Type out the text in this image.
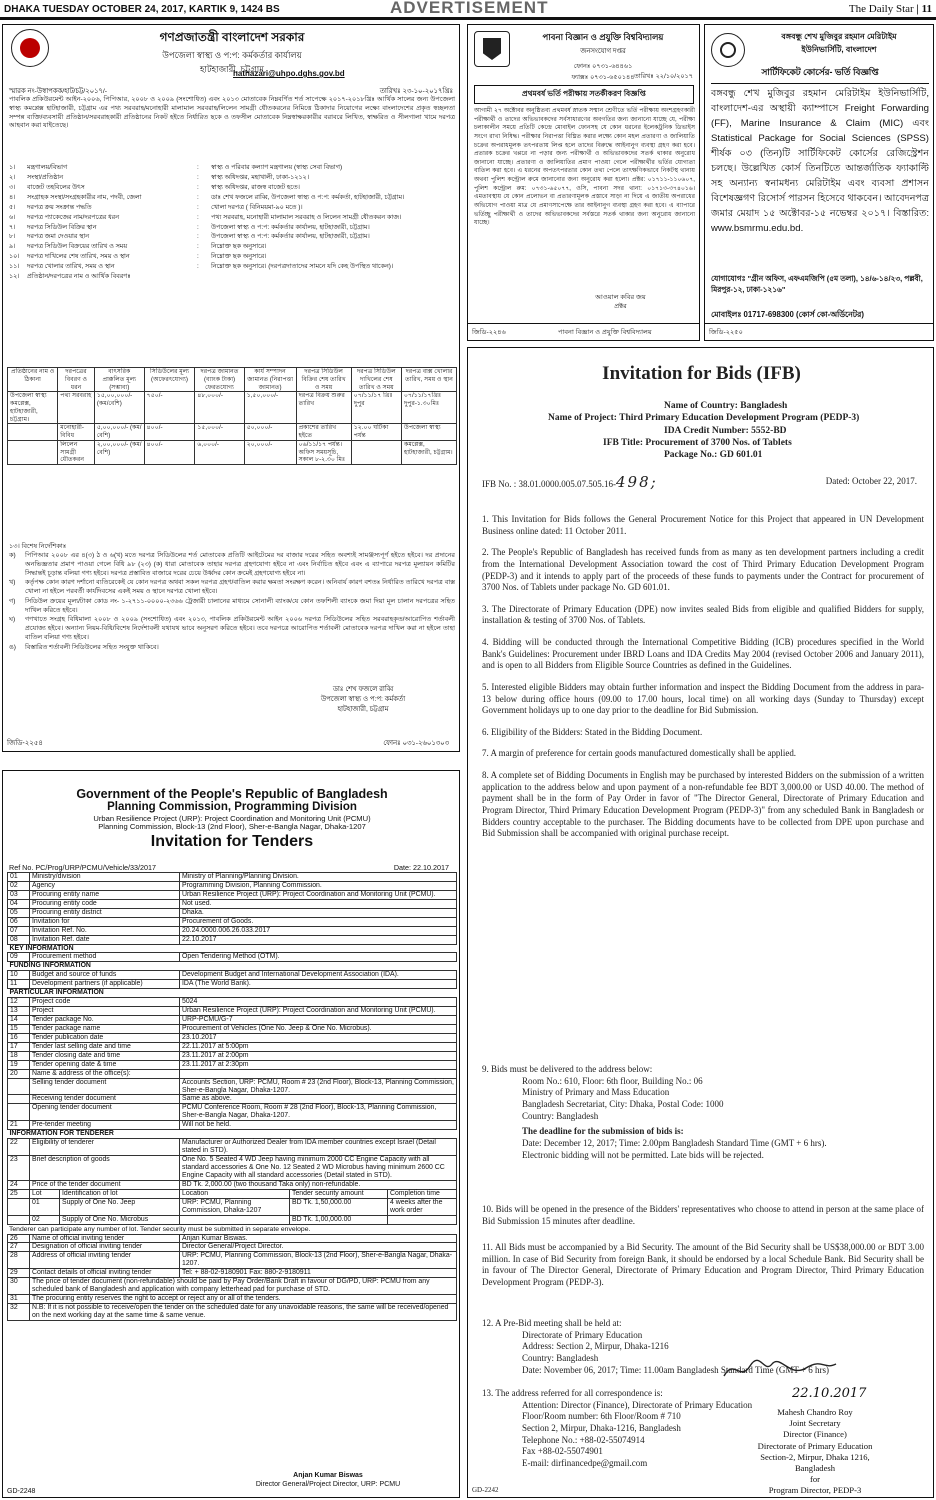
DHAKA TUESDAY OCTOBER 24, 2017, KARTIK 9, 1424 BS	ADVERTISEMENT	The Daily Star | 11
গণপ্রজাতন্ত্রী বাংলাদেশ সরকার
উপজেলা স্বাস্থ্য ও প:প: কর্মকর্তার কার্যালয়
হাটহাজারী, চট্টগ্রাম
hathazari@uhpo.dghs.gov.bd
স্মারক নং-উস্বাপকক/হাট/চট্ট/২০১৭/-	তারিখঃ ২৩-১০-২০১৭খ্রিঃ
পাবলিক প্রকিউরমেন্ট আইন-২০০৬, পিপিআর, ২০০৮ ও ২০০৯ (সংশোধিত) এবং ২০১৩ মোতাবেক নিম্নবর্ণিত শর্ত সাপেক্ষে ২০১৭-২০১৮খ্রিঃ আর্থিক সালের জন্য উপজেলা স্বাস্থ্য কমপ্লেক্স হাটহাজারী, চট্টগ্রাম এর পথ্য সরবরাহ/মনোহারী মালামাল সরবরাহ/লিলেন সামগ্রী ধৌতকরনের নিমিত্তে ঠিকাদার নিয়োগের লক্ষ্যে বাংলাদেশের প্রকৃত স্বচ্ছলতা সম্পন্ন ব্যক্তি/ব্যবসায়ী প্রতিষ্ঠান/সরবরাহকারী প্রতিষ্ঠানের নিকট হইতে নির্ধারিত ছকে ও তফসীল মোতাবেক নিম্নস্বাক্ষরকারীর বরাবরে লিখিত, স্বাক্ষরিত ও সীলগালা খামে দরপত্র আহবান করা যাইতেছে।
১।	মন্ত্রণালয়/বিভাগ	:	স্বাস্থ্য ও পরিবার কল্যাণ মন্ত্রণালয় (স্বাস্থ্য সেবা বিভাগ)
২।	সংস্থা/প্রতিষ্ঠান	:	স্বাস্থ্য অধিদপ্তর, মহাখালী, ঢাকা-১২১২।
৩।	বাজেট তহবিলের উৎস	:	স্বাস্থ্য অধিদপ্তর, রাজস্ব বাজেট হতে।
৪।	সংগ্রাহক সংস্থা/সংগ্রহকারীর নাম, পদবী, জেলা	:	ডাঃ শেখ ফজলে রাব্বি, উপজেলা স্বাস্থ্য ও প:প: কর্মকর্তা, হাটহাজারী, চট্টগ্রাম।
৫।	দরপত্র ক্রয় সংক্রান্ত পদ্ধতি	:	খোলা দরপত্র ( বিনিময়মা-৯০ মতে )।
৬।	দরপত্র প্যাকেজের নাম/দরপত্রের ধরন	:	পথ্য সরবরাহ, মনোহারী মালামাল সরবরাহ ও লিলেন সামগ্রী ধৌতকরন কাজ।
৭।	দরপত্র সিডিউল বিক্রির স্থান	:	উপজেলা স্বাস্থ্য ও প:প: কর্মকর্তার কার্যালয়, হাটহাজারী, চট্টগ্রাম।
৮।	দরপত্র জমা দেওয়ার স্থান	:	উপজেলা স্বাস্থ্য ও প:প: কর্মকর্তার কার্যালয়, হাটহাজারী, চট্টগ্রাম।
৯।	দরপত্র সিডিউল বিক্রয়ের তারিখ ও সময়	:	নিম্নোক্ত ছক অনুসারে।
১০।	দরপত্র দাখিলের শেষ তারিখ, সময় ও স্থান	:	নিম্নোক্ত ছক অনুসারে।
১১।	দরপত্র খোলার তারিখ, সময় ও স্থান	:	নিম্নোক্ত ছক অনুসারে। (দরপত্রদাতাদের সামনে যদি কেহ উপস্থিত থাকেন)।
১২।	প্রতিষ্ঠান/দরপত্রের নাম ও আর্থিক বিবরণঃ
প্রতিষ্ঠানের নাম ও ঠিকানা	দরপত্রের বিবরণ ও ধরন	বাৎসরিক প্রাক্কলিত মূল্য (সম্ভাব্য)	সিডিউলের মূল্য (অফেরৎযোগ্য)	দরপত্র জামানত (ব্যাংক টাকা) ফেরতযোগ্য	কার্য সম্পাদন জামানত (নিরাপত্তা জামানত)	দরপত্র সিডিউল বিক্রির শেষ তারিখ ও সময়	দরপত্র সিডিউল দাখিলের শেষ তারিখ ও সময়	দরপত্র বাক্স খোলার তারিখ, সময় ও স্থান
উপজেলা স্বাস্থ্য কমপ্লেক্স, হাটহাজারী, চট্টগ্রাম।	পথ্য সরবরাহ	১৫,০০,০০০/- (কম/বেশি)	৭৫০/-	৪৮,০০০/-	১,৫০,০০০/-	দরপত্র বিক্রয় শুরুর তারিখ	০৭/১১/১৭ খ্রিঃ দুপুর	০৭/১১/১৭খ্রিঃ দুপুর-১.৩০মিঃ
	মনোহারী-বিবিধ	৫,০০,০০০/- (কম/বেশি)	৪০০/-	১৫,০০০/-	৫০,০০০/-	প্রকাশের তারিখ হইতে	১২.০০ ঘটিকা পর্যন্ত	উপজেলা স্বাস্থ্য
	লিলেন সামগ্রী ধৌতকরন	২,০০,০০০/- (কম/বেশি)	৪০০/-	৬,০০০/-	২০,০০০/-	০৬/১১/১৭ পর্যন্ত। অফিস সময়সূচি, সকাল ৮-২.৩০ মিঃ		কমপ্লেক্স, হাটহাজারী, চট্টগ্রাম।
১৩। বিশেষ নির্দেশিকাঃ
ক)	পিপিআর ২০০৮ এর ৪(৩) ঠ ও ৬(খ) মতে দরপত্র সিডিউলের শর্ত মোতাবেক প্রতিটি আইটেমের দর বাজার দরের সহিত অবশ্যই সামঞ্জস্যপূর্ণ হইতে হইবে। দর প্রদানের অনভিজ্ঞতার প্রমাণ পাওয়া গেলে বিধি ৯৮ (২৩) (ক) ধারা মোতাবেক তাহার দরপত্র গ্রহণযোগ্য হইবে না এবং নির্বাচিত হইবে এবং এ ব্যাপারে দরপত্র মূল্যায়ন কমিটির সিদ্ধান্তই চূড়ান্ত বলিয়া গণ্য হইবে। দরপত্র প্রস্তাবিত বাজারে দরের চেয়ে উর্ধ্বদর কোন ক্রমেই গ্রহণযোগ্য হইবে না।
খ)	কর্তৃপক্ষ কোন কারণ দর্শানো ব্যতিরেকেই যে কোন দরপত্র অথবা সকল দরপত্র গ্রহণ/বাতিল করার ক্ষমতা সংরক্ষণ করেন। অনিবার্য কারণ বশতঃ নির্ধারিত তারিখে দরপত্র বাক্স খোলা না হইলে পরবর্তী কার্যদিবসের একই সময় ও স্থানে দরপত্র খোলা হইবে।
গ)	সিডিউল ক্রয়ের মূল্য/টাকা কোড নং- ১-২৭১১-০০০০-২৩৬৬ ট্রেজারী চালানের মাধ্যমে সোনালী ব্যাংক/যে কোন তফশিলী ব্যাংকে জমা দিয়া মূল চালান দরপত্রের সহিত দাখিল করিতে হইবে।
ঘ)	গণখাতে সংগ্রহ বিধিমালা ২০০৮ ও ২০০৯ (সংশোধিত) এবং ২০১৩, পাবলিক প্রকিউরমেন্ট আইন ২০০৬ দরপত্র সিডিউলের সহিত সরবরাহকৃত/আরোপিত শর্তাবলী প্রযোজ্য হইবে। অন্যান্য নিয়ম-বিধি/বিশেষ নির্দেশাবলী যথাযথ ভাবে অনুসরণ করিতে হইবে। তবে দরপত্রে আরোপিত শর্তাবলী মোতাবেক দরপত্র দাখিল করা না হইলে তাহা বাতিল বলিয়া গণ্য হইবে।
ঙ)	বিস্তারিত শর্তাবলী সিডিউলের সহিত সংযুক্ত থাকিবে।
ডাঃ শেখ ফজলে রাব্বি
উপজেলা স্বাস্থ্য ও প:প: কর্মকর্তা
হাটহাজারী, চট্টগ্রাম
ফোনঃ ০৩১-২৬০১৩০৩
জিডি-২২৫৪
পাবনা বিজ্ঞান ও প্রযুক্তি বিশ্ববিদ্যালয়
জনসংযোগ দপ্তর
ফোনঃ ০৭৩১-৬৪৪৬১
ফ্যাক্সঃ ০৭৩১-৬৫০১৪৪ তারিখঃ ২২/১০/২০১৭
প্রথমবর্ষ ভর্তি পরীক্ষায় সতর্কীকরণ বিজ্ঞপ্তি
আগামী ২৭ অক্টোবর অনুষ্ঠিতব্য প্রথমবর্ষ স্নাতক সম্মান শ্রেণীতে ভর্তি পরীক্ষায় অংশগ্রহণকারী পরীক্ষার্থী ও তাদের অভিভাবকদের সর্বসাধারণের অবগতির জন্য জানানো যাচ্ছে যে, পরীক্ষা চলাকালীন সময়ে প্রতিটি কেন্দ্রে মোবাইল ফোনসহ যে কোন ধরনের ইলেকট্রনিক ডিভাইস সংগে রাখা নিষিদ্ধ। পরীক্ষার নিরাপত্তা বিঘ্নিত করার লক্ষ্যে কোন মহল প্রতারণা ও জালিয়াতি চক্রের অপরাধমূলক তৎপরতায় লিপ্ত হলে তাদের বিরুদ্ধে আইনানুগ ব্যবস্থা গ্রহণ করা হবে। প্রতারক চক্রের খপ্পরে না পড়ার জন্য পরীক্ষার্থী ও অভিভাবকদের সতর্ক থাকার অনুরোধ জানানো যাচ্ছে। প্রতারণা ও জালিয়াতির প্রমাণ পাওয়া গেলে পরীক্ষার্থীর ভর্তির যোগ্যতা বাতিল করা হবে। এ ধরনের অপতৎপরতার কোন তথ্য পেলে তাৎক্ষণিকভাবে নিকটস্থ থানায় অথবা পুলিশ কন্ট্রোল রুমে জানানোর জন্য অনুরোধ করা হলো। প্রক্টর: ০১৭১১-১১০৬০৭, পুলিশ কন্ট্রোল রুম: ০৭৩১-৬৫০৭৭, ওসি, পাবনা সদর থানা: ০১৭১৩-৩৭৪০১৬। এমতাবস্থায় যে কোন প্রলোভন বা প্রতারণামূলক প্রস্তাবে সাড়া না দিয়ে এ জাতীয় অপরাধের অভিযোগ পাওয়া মাত্র যে প্রমাণসাপেক্ষে তার আইনানুগ ব্যবস্থা গ্রহণ করা হবে। এ ব্যাপারে ভর্তিচ্ছু পরীক্ষার্থী ও তাদের অভিভাবকদের সর্বস্তরে সতর্ক থাকার জন্য অনুরোধ জানানো যাচ্ছে।
আওয়াল কবির জয়
প্রক্টর
জিডি-২২৪৬	পাবনা বিজ্ঞান ও প্রযুক্তি বিশ্ববিদ্যালয়
বঙ্গবন্ধু শেখ মুজিবুর রহমান মেরিটাইম
ইউনিভার্সিটি, বাংলাদেশ
সার্টিফিকেট কোর্সের- ভর্তি বিজ্ঞপ্তি
বঙ্গবন্ধু শেখ মুজিবুর রহমান মেরিটাইম ইউনিভার্সিটি, বাংলাদেশ-এর অস্থায়ী ক্যাম্পাসে Freight Forwarding (FF), Marine Insurance & Claim (MIC) এবং Statistical Package for Social Sciences (SPSS) শীর্ষক ০৩ (তিন)টি সার্টিফিকেট কোর্সের রেজিস্ট্রেশন চলছে। উল্লেখিত কোর্স তিনটিতে আন্তর্জাতিক ফ্যাকাল্টি সহ অন্যান্য স্বনামধন্য মেরিটাইম এবং ব্যবসা প্রশাসন বিশেষজ্ঞগণ রিসোর্স পারসন হিসেবে থাকবেন। আবেদনপত্র জমার মেয়াদ ১৫ অক্টোবর-১৫ নভেম্বর ২০১৭। বিস্তারিত: www.bsmrmu.edu.bd.
যোগাযোগঃ "গ্রীন অফিস, এফএমজিপি (৫ম তলা), ১৪/৬-১৪/২৩, পল্লবী, মিরপুর-১২, ঢাকা-১২১৬"
মোবাইলঃ 01717-698300 (কোর্স কো-অর্ডিনেটর)
জিডি-২২৫০
Government of the People's Republic of Bangladesh
Planning Commission, Programming Division
Urban Resilience Project (URP): Project Coordination and Monitoring Unit (PCMU)
Planning Commission, Block-13 (2nd Floor), Sher-e-Bangla Nagar, Dhaka-1207
Invitation for Tenders
Ref No. PC/Prog/URP/PCMU/Vehicle/33/2017	Date: 22.10.2017
01	Ministry/division	Ministry of Planning/Planning Division.
02	Agency	Programming Division, Planning Commission.
03	Procuring entity name	Urban Resilience Project (URP): Project Coordination and Monitoring Unit (PCMU).
04	Procuring entity code	Not used.
05	Procuring entity district	Dhaka.
06	Invitation for	Procurement of Goods.
07	Invitation Ref. No.	20.24.0000.006.26.033.2017
08	Invitation Ref. date	22.10.2017
KEY INFORMATION		
09	Procurement method	Open Tendering Method (OTM).
FUNDING INFORMATION		
10	Budget and source of funds	Development Budget and International Development Association (IDA).
11	Development partners (if applicable)	IDA (The World Bank).
PARTICULAR INFORMATION		
12	Project code	5024
13	Project	Urban Resilience Project (URP): Project Coordination and Monitoring Unit (PCMU).
14	Tender package No.	URP-PCMU/G-7
15	Tender package name	Procurement of Vehicles (One No. Jeep & One No. Microbus).
16	Tender publication date	23.10.2017
17	Tender last selling date and time	22.11.2017 at 5:00pm
18	Tender closing date and time	23.11.2017 at 2:00pm
19	Tender opening date & time	23.11.2017 at 2:30pm
20	Name & address of the office(s):	
	Selling tender document	Accounts Section, URP: PCMU, Room # 23 (2nd Floor), Block-13, Planning Commission, Sher-e-Bangla Nagar, Dhaka-1207.
	Receiving tender document	Same as above.
	Opening tender document	PCMU Conference Room, Room # 28 (2nd Floor), Block-13, Planning Commission, Sher-e-Bangla Nagar, Dhaka-1207.
21	Pre-tender meeting	Will not be held.
INFORMATION FOR TENDERER		
22	Eligibility of tenderer	Manufacturer or Authorized Dealer from IDA member countries except Israel (Detail stated in STD).
23	Brief description of goods	One No. 5 Seated 4 WD Jeep having minimum 2000 CC Engine Capacity with all standard accessories & One No. 12 Seated 2 WD Microbus having minimum 2600 CC Engine Capacity with all standard accessories (Detail stated in STD).
24	Price of the tender document	BD Tk. 2,000.00 (two thousand Taka only) non-refundable.
25	Lot	Identification of lot	Location	Tender security amount	Completion time
	01	Supply of One No. Jeep	URP: PCMU, Planning Commission, Dhaka-1207	BD Tk. 1,50,000.00	4 weeks after the work order
	02	Supply of One No. Microbus		BD Tk. 1,00,000.00	
Tenderer can participate any number of lot. Tender security must be submitted in separate envelope.
26	Name of official inviting tender	Anjan Kumar Biswas.
27	Designation of official inviting tender	Director General/Project Director.
28	Address of official inviting tender	URP: PCMU, Planning Commission, Block-13 (2nd Floor), Sher-e-Bangla Nagar, Dhaka-1207.
29	Contact details of official inviting tender	Tel: + 88-02-9180901 Fax: 880-2-9180911
30	The price of tender document (non-refundable) should be paid by Pay Order/Bank Draft in favour of DG/PD, URP: PCMU from any scheduled bank of Bangladesh and application with company letterhead pad for purchase of STD.	
31	The procuring entity reserves the right to accept or reject any or all of the tenders.	
32	N.B: If it is not possible to receive/open the tender on the scheduled date for any unavoidable reasons, the same will be received/opened on the next working day at the same time & same venue.	
Anjan Kumar Biswas
Director General/Project Director, URP: PCMU
GD-2248
Invitation for Bids (IFB)
Name of Country: Bangladesh
Name of Project: Third Primary Education Development Program (PEDP-3)
IDA Credit Number: 5552-BD
IFB Title: Procurement of 3700 Nos. of Tablets
Package No.: GD 601.01
IFB No. : 38.01.0000.005.07.505.16-498;	Dated: October 22, 2017.

1. This Invitation for Bids follows the General Procurement Notice for this Project that appeared in UN Development Business online dated: 11 October 2011.

2. The People's Republic of Bangladesh has received funds from as many as ten development partners including a credit from the International Development Association toward the cost of Third Primary Education Development Program (PEDP-3) and it intends to apply part of the proceeds of these funds to payments under the Contract for procurement of 3700 Nos. of Tablets under package No. GD 601.01.

3. The Directorate of Primary Education (DPE) now invites sealed Bids from eligible and qualified Bidders for supply, installation & testing of 3700 Nos. of Tablets.

4. Bidding will be conducted through the International Competitive Bidding (ICB) procedures specified in the World Bank's Guidelines: Procurement under IBRD Loans and IDA Credits May 2004 (revised October 2006 and January 2011), and is open to all Bidders from Eligible Source Countries as defined in the Guidelines.

5. Interested eligible Bidders may obtain further information and inspect the Bidding Document from the address in para-13 below during office hours (09.00 to 17.00 hours, local time) on all working days (Sunday to Thursday) except Government holidays up to one day prior to the deadline for Bid Submission.

6. Eligibility of the Bidders: Stated in the Bidding Document.

7. A margin of preference for certain goods manufactured domestically shall be applied.

8. A complete set of Bidding Documents in English may be purchased by interested Bidders on the submission of a written application to the address below and upon payment of a non-refundable fee BDT 3,000.00 or USD 40.00. The method of payment shall be in the form of Pay Order in favor of "The Director General, Directorate of Primary Education and Program Director, Third Primary Education Development Program (PEDP-3)" from any scheduled Bank in Bangladesh or Bidders country acceptable to the purchaser. The Bidding documents have to be collected from DPE upon purchase and Bid Submission shall be accompanied with original purchase receipt.

9. Bids must be delivered to the address below:
Room No.: 610, Floor: 6th floor, Building No.: 06
Ministry of Primary and Mass Education
Bangladesh Secretariat, City: Dhaka, Postal Code: 1000
Country: Bangladesh
The deadline for the submission of bids is:
Date: December 12, 2017; Time: 2.00pm Bangladesh Standard Time (GMT + 6 hrs).
Electronic bidding will not be permitted. Late bids will be rejected.
10. Bids will be opened in the presence of the Bidders' representatives who choose to attend in person at the same place of Bid Submission 15 minutes after deadline.
11. All Bids must be accompanied by a Bid Security. The amount of the Bid Security shall be US$38,000.00 or BDT 3.00 million. In case of Bid Security from foreign Bank, it should be endorsed by a local Schedule Bank. Bid Security shall be in favour of The Director General, Directorate of Primary Education and Program Director, Third Primary Education Development Program (PEDP-3).
12. A Pre-Bid meeting shall be held at:
Directorate of Primary Education
Address: Section 2, Mirpur, Dhaka-1216
Country: Bangladesh
Date: November 06, 2017; Time: 11.00am Bangladesh Standard Time (GMT + 6 hrs)
13. The address referred for all correspondence is:
Attention: Director (Finance), Directorate of Primary Education
Floor/Room number: 6th Floor/Room # 710
Section 2, Mirpur, Dhaka-1216, Bangladesh
Telephone No.: +88-02-55074914
Fax +88-02-55074901
E-mail: dirfinancedpe@gmail.com
GD-2242
22.10.2017
Mahesh Chandro Roy
Joint Secretary
Director (Finance)
Directorate of Primary Education
Section-2, Mirpur, Dhaka 1216, Bangladesh
for
Program Director, PEDP-3
